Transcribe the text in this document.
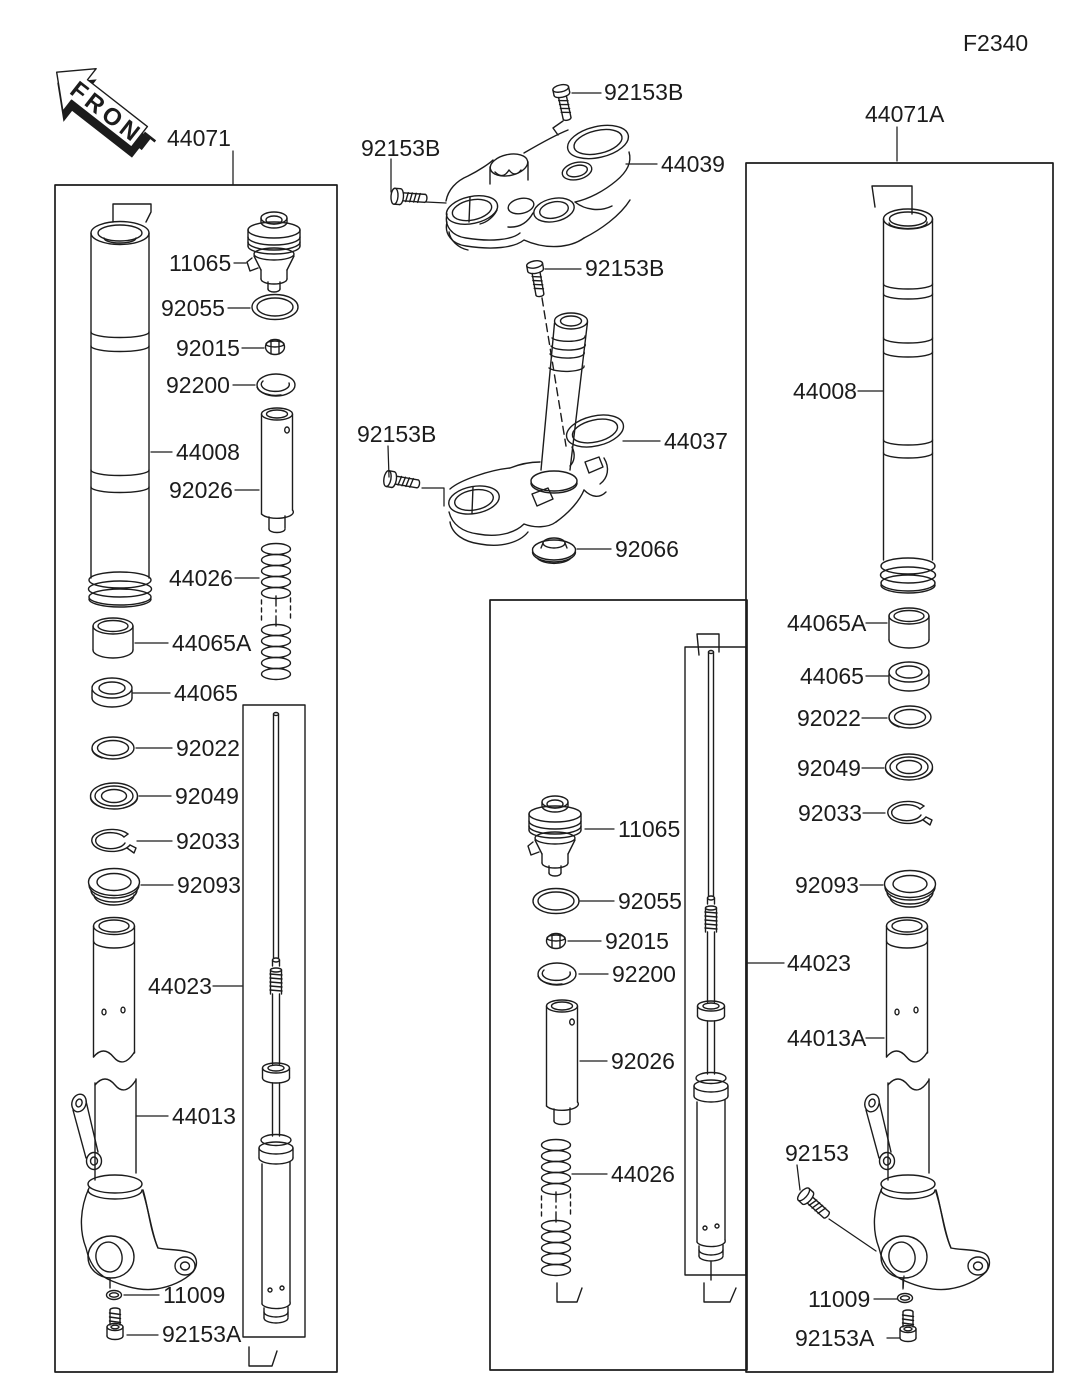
FRONT
F2340
44071
92153B
92153B
44039
92153B
92153B	44037
92066
11065
92055
92015
92200
44008
92026
44026
44065A
44065
92022
92049
92033
92093
44023
44013
11009
92153A
11065
92055
92015
92200
92026
44026
44071A
44008
44065A
44065
92022
92049
92033
92093
44023
44013A
92153
11009
92153A
